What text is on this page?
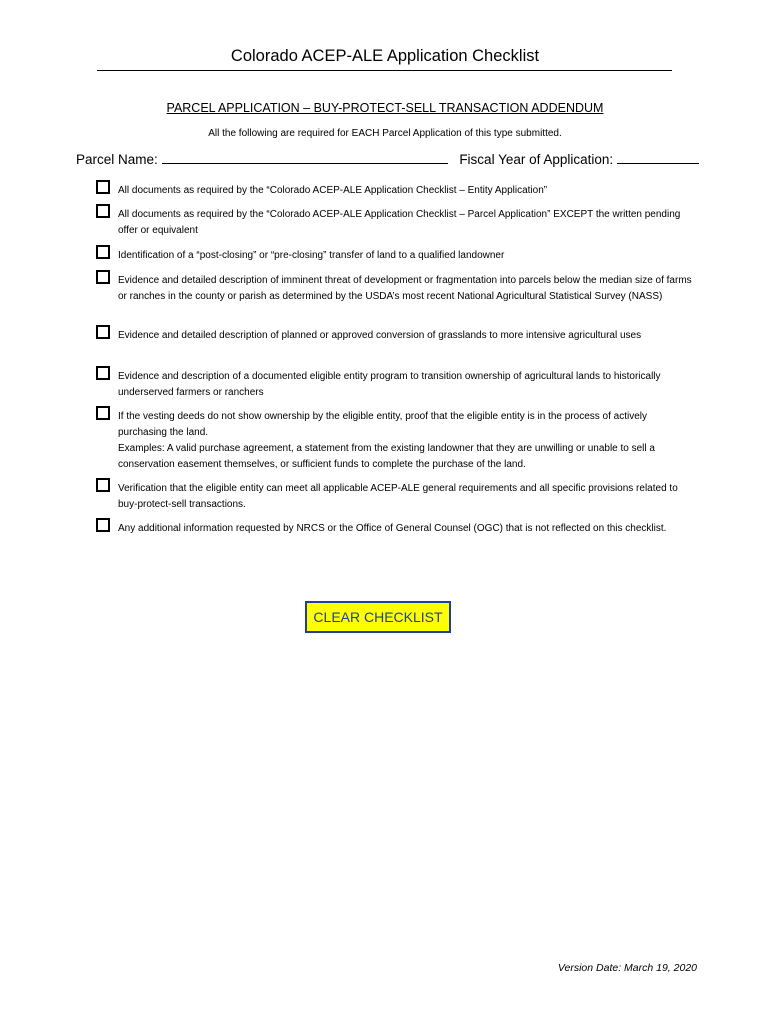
Colorado ACEP-ALE Application Checklist
PARCEL APPLICATION – BUY-PROTECT-SELL TRANSACTION ADDENDUM
All the following are required for EACH Parcel Application of this type submitted.
Parcel Name:	Fiscal Year of Application:
All documents as required by the “Colorado ACEP-ALE Application Checklist – Entity Application”
All documents as required by the “Colorado ACEP-ALE Application Checklist – Parcel Application” EXCEPT the written pending offer or equivalent
Identification of a “post-closing” or “pre-closing” transfer of land to a qualified landowner
Evidence and detailed description of imminent threat of development or fragmentation into parcels below the median size of farms or ranches in the county or parish as determined by the USDA’s most recent National Agricultural Statistical Survey (NASS)
Evidence and detailed description of planned or approved conversion of grasslands to more intensive agricultural uses
Evidence and description of a documented eligible entity program to transition ownership of agricultural lands to historically underserved farmers or ranchers
If the vesting deeds do not show ownership by the eligible entity, proof that the eligible entity is in the process of actively purchasing the land.
Examples: A valid purchase agreement, a statement from the existing landowner that they are unwilling or unable to sell a conservation easement themselves, or sufficient funds to complete the purchase of the land.
Verification that the eligible entity can meet all applicable ACEP-ALE general requirements and all specific provisions related to buy-protect-sell transactions.
Any additional information requested by NRCS or the Office of General Counsel (OGC) that is not reflected on this checklist.
CLEAR CHECKLIST
Version Date: March 19, 2020
